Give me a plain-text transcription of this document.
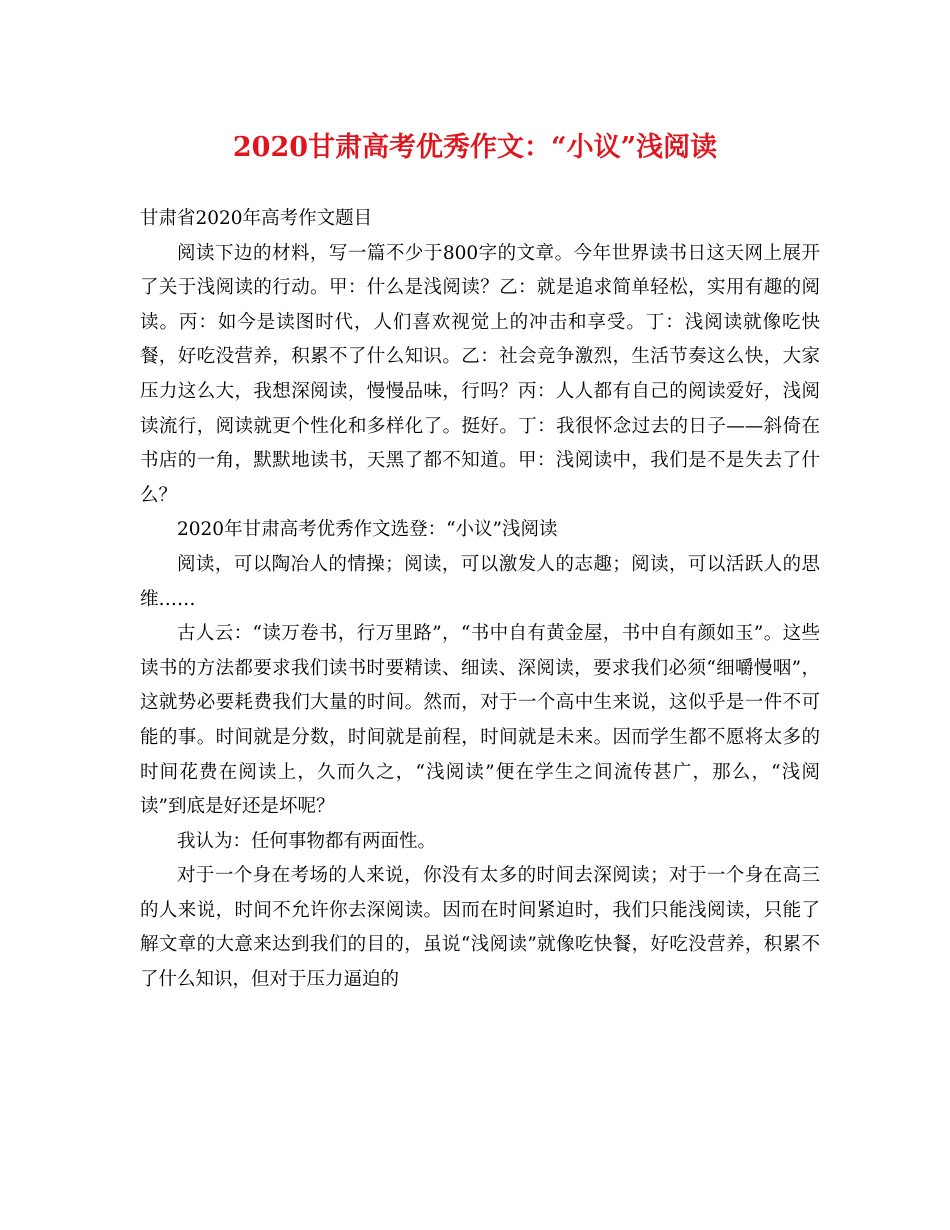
2020甘肃高考优秀作文：“小议”浅阅读

甘肃省2020年高考作文题目

阅读下边的材料，写一篇不少于800字的文章。今年世界读书日这天网上展开了关于浅阅读的行动。甲：什么是浅阅读？乙：就是追求简单轻松，实用有趣的阅读。丙：如今是读图时代，人们喜欢视觉上的冲击和享受。丁：浅阅读就像吃快餐，好吃没营养，积累不了什么知识。乙：社会竞争激烈，生活节奏这么快，大家压力这么大，我想深阅读，慢慢品味，行吗？丙：人人都有自己的阅读爱好，浅阅读流行，阅读就更个性化和多样化了。挺好。丁：我很怀念过去的日子——斜倚在书店的一角，默默地读书，天黑了都不知道。甲：浅阅读中，我们是不是失去了什么？

2020年甘肃高考优秀作文选登：“小议”浅阅读

阅读，可以陶冶人的情操；阅读，可以激发人的志趣；阅读，可以活跃人的思维……

古人云：“读万卷书，行万里路”，“书中自有黄金屋，书中自有颜如玉”。这些读书的方法都要求我们读书时要精读、细读、深阅读，要求我们必须“细嚼慢咽”，这就势必要耗费我们大量的时间。然而，对于一个高中生来说，这似乎是一件不可能的事。时间就是分数，时间就是前程，时间就是未来。因而学生都不愿将太多的时间花费在阅读上，久而久之，“浅阅读”便在学生之间流传甚广，那么，“浅阅读”到底是好还是坏呢？

我认为：任何事物都有两面性。

对于一个身在考场的人来说，你没有太多的时间去深阅读；对于一个身在高三的人来说，时间不允许你去深阅读。因而在时间紧迫时，我们只能浅阅读，只能了解文章的大意来达到我们的目的，虽说“浅阅读”就像吃快餐，好吃没营养，积累不了什么知识，但对于压力逼迫的
